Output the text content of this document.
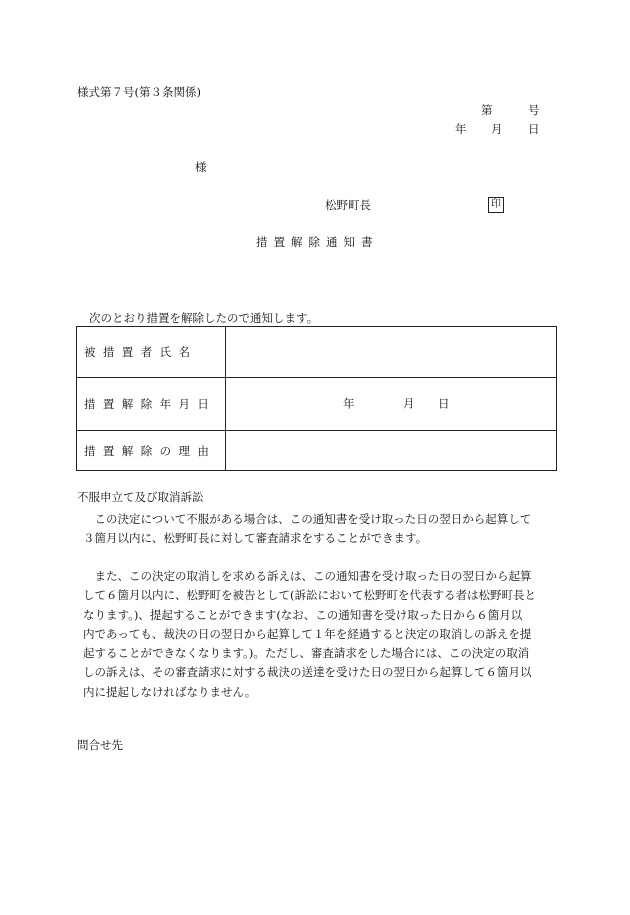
様式第７号(第３条関係)
第	号
年 月 日
様
松野町長	印
措置解除通知書
次のとおり措置を解除したので通知します。
被措置者氏名	
措置解除年月日	年 月 日

措置解除の理由	
不服申立て及び取消訴訟
　この決定について不服がある場合は、この通知書を受け取った日の翌日から起算して
３箇月以内に、松野町長に対して審査請求をすることができます。
　また、この決定の取消しを求める訴えは、この通知書を受け取った日の翌日から起算
して６箇月以内に、松野町を被告として(訴訟において松野町を代表する者は松野町長と
なります。)、提起することができます(なお、この通知書を受け取った日から６箇月以
内であっても、裁決の日の翌日から起算して１年を経過すると決定の取消しの訴えを提
起することができなくなります。)。ただし、審査請求をした場合には、この決定の取消
しの訴えは、その審査請求に対する裁決の送達を受けた日の翌日から起算して６箇月以
内に提起しなければなりません。
問合せ先
